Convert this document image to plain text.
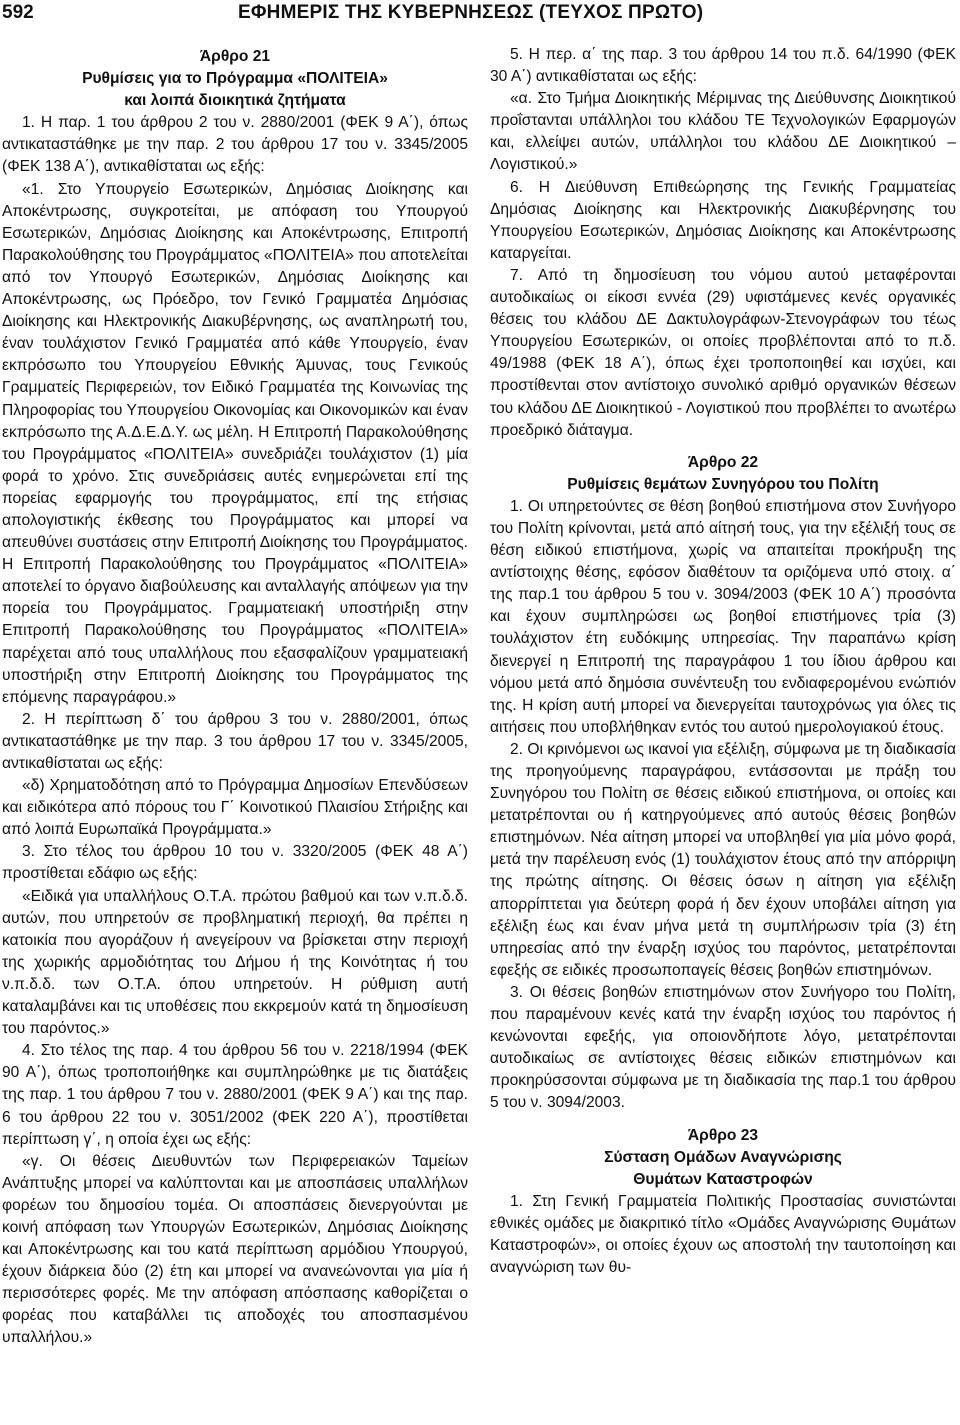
592	ΕΦΗΜΕΡΙΣ ΤΗΣ ΚΥΒΕΡΝΗΣΕΩΣ (ΤΕΥΧΟΣ ΠΡΩΤΟ)
Άρθρο 21
Ρυθμίσεις για το Πρόγραμμα «ΠΟΛΙΤΕΙΑ»
και λοιπά διοικητικά ζητήματα

1. Η παρ. 1 του άρθρου 2 του ν. 2880/2001 (ΦΕΚ 9 Α΄), όπως αντικαταστάθηκε με την παρ. 2 του άρθρου 17 του ν. 3345/2005 (ΦΕΚ 138 Α΄), αντικαθίσταται ως εξής:

«1. Στο Υπουργείο Εσωτερικών, Δημόσιας Διοίκησης και Αποκέντρωσης, συγκροτείται, με απόφαση του Υπουργού Εσωτερικών, Δημόσιας Διοίκησης και Αποκέντρωσης, Επιτροπή Παρακολούθησης του Προγράμματος «ΠΟΛΙΤΕΙΑ» που αποτελείται από τον Υπουργό Εσωτερικών, Δημόσιας Διοίκησης και Αποκέντρωσης, ως Πρόεδρο, τον Γενικό Γραμματέα Δημόσιας Διοίκησης και Ηλεκτρονικής Διακυβέρνησης, ως αναπληρωτή του, έναν τουλάχιστον Γενικό Γραμματέα από κάθε Υπουργείο, έναν εκπρόσωπο του Υπουργείου Εθνικής Άμυνας, τους Γενικούς Γραμματείς Περιφερειών, τον Ειδικό Γραμματέα της Κοινωνίας της Πληροφορίας του Υπουργείου Οικονομίας και Οικονομικών και έναν εκπρόσωπο της Α.Δ.Ε.Δ.Υ. ως μέλη. Η Επιτροπή Παρακολούθησης του Προγράμματος «ΠΟΛΙΤΕΙΑ» συνεδριάζει τουλάχιστον (1) μία φορά το χρόνο. Στις συνεδριάσεις αυτές ενημερώνεται επί της πορείας εφαρμογής του προγράμματος, επί της ετήσιας απολογιστικής έκθεσης του Προγράμματος και μπορεί να απευθύνει συστάσεις στην Επιτροπή Διοίκησης του Προγράμματος. Η Επιτροπή Παρακολούθησης του Προγράμματος «ΠΟΛΙΤΕΙΑ» αποτελεί το όργανο διαβούλευσης και ανταλλαγής απόψεων για την πορεία του Προγράμματος. Γραμματειακή υποστήριξη στην Επιτροπή Παρακολούθησης του Προγράμματος «ΠΟΛΙΤΕΙΑ» παρέχεται από τους υπαλλήλους που εξασφαλίζουν γραμματειακή υποστήριξη στην Επιτροπή Διοίκησης του Προγράμματος της επόμενης παραγράφου.»

2. Η περίπτωση δ΄ του άρθρου 3 του ν. 2880/2001, όπως αντικαταστάθηκε με την παρ. 3 του άρθρου 17 του ν. 3345/2005, αντικαθίσταται ως εξής:

«δ) Χρηματοδότηση από το Πρόγραμμα Δημοσίων Επενδύσεων και ειδικότερα από πόρους του Γ΄ Κοινοτικού Πλαισίου Στήριξης και από λοιπά Ευρωπαϊκά Προγράμματα.»

3. Στο τέλος του άρθρου 10 του ν. 3320/2005 (ΦΕΚ 48 Α΄) προστίθεται εδάφιο ως εξής:

«Ειδικά για υπαλλήλους Ο.Τ.Α. πρώτου βαθμού και των ν.π.δ.δ. αυτών, που υπηρετούν σε προβληματική περιοχή, θα πρέπει η κατοικία που αγοράζουν ή ανεγείρουν να βρίσκεται στην περιοχή της χωρικής αρμοδιότητας του Δήμου ή της Κοινότητας ή του ν.π.δ.δ. των Ο.Τ.Α. όπου υπηρετούν. Η ρύθμιση αυτή καταλαμβάνει και τις υποθέσεις που εκκρεμούν κατά τη δημοσίευση του παρόντος.»

4. Στο τέλος της παρ. 4 του άρθρου 56 του ν. 2218/1994 (ΦΕΚ 90 Α΄), όπως τροποποιήθηκε και συμπληρώθηκε με τις διατάξεις της παρ. 1 του άρθρου 7 του ν. 2880/2001 (ΦΕΚ 9 Α΄) και της παρ. 6 του άρθρου 22 του ν. 3051/2002 (ΦΕΚ 220 Α΄), προστίθεται περίπτωση γ΄, η οποία έχει ως εξής:

«γ. Οι θέσεις Διευθυντών των Περιφερειακών Ταμείων Ανάπτυξης μπορεί να καλύπτονται και με αποσπάσεις υπαλλήλων φορέων του δημοσίου τομέα. Οι αποσπάσεις διενεργούνται με κοινή απόφαση των Υπουργών Εσωτερικών, Δημόσιας Διοίκησης και Αποκέντρωσης και του κατά περίπτωση αρμόδιου Υπουργού, έχουν διάρκεια δύο (2) έτη και μπορεί να ανανεώνονται για μία ή περισσότερες φορές. Με την απόφαση απόσπασης καθορίζεται ο φορέας που καταβάλλει τις αποδοχές του αποσπασμένου υπαλλήλου.»

5. Η περ. α΄ της παρ. 3 του άρθρου 14 του π.δ. 64/1990 (ΦΕΚ 30 Α΄) αντικαθίσταται ως εξής:

«α. Στο Τμήμα Διοικητικής Μέριμνας της Διεύθυνσης Διοικητικού προΐστανται υπάλληλοι του κλάδου ΤΕ Τεχνολογικών Εφαρμογών και, ελλείψει αυτών, υπάλληλοι του κλάδου ΔΕ Διοικητικού – Λογιστικού.»

6. Η Διεύθυνση Επιθεώρησης της Γενικής Γραμματείας Δημόσιας Διοίκησης και Ηλεκτρονικής Διακυβέρνησης του Υπουργείου Εσωτερικών, Δημόσιας Διοίκησης και Αποκέντρωσης καταργείται.

7. Από τη δημοσίευση του νόμου αυτού μεταφέρονται αυτοδικαίως οι είκοσι εννέα (29) υφιστάμενες κενές οργανικές θέσεις του κλάδου ΔΕ Δακτυλογράφων-Στενογράφων του τέως Υπουργείου Εσωτερικών, οι οποίες προβλέπονται από το π.δ. 49/1988 (ΦΕΚ 18 Α΄), όπως έχει τροποποιηθεί και ισχύει, και προστίθενται στον αντίστοιχο συνολικό αριθμό οργανικών θέσεων του κλάδου ΔΕ Διοικητικού - Λογιστικού που προβλέπει το ανωτέρω προεδρικό διάταγμα.

Άρθρο 22
Ρυθμίσεις θεμάτων Συνηγόρου του Πολίτη

1. Οι υπηρετούντες σε θέση βοηθού επιστήμονα στον Συνήγορο του Πολίτη κρίνονται, μετά από αίτησή τους, για την εξέλιξή τους σε θέση ειδικού επιστήμονα, χωρίς να απαιτείται προκήρυξη της αντίστοιχης θέσης, εφόσον διαθέτουν τα οριζόμενα υπό στοιχ. α΄ της παρ.1 του άρθρου 5 του ν. 3094/2003 (ΦΕΚ 10 Α΄) προσόντα και έχουν συμπληρώσει ως βοηθοί επιστήμονες τρία (3) τουλάχιστον έτη ευδόκιμης υπηρεσίας. Την παραπάνω κρίση διενεργεί η Επιτροπή της παραγράφου 1 του ίδιου άρθρου και νόμου μετά από δημόσια συνέντευξη του ενδιαφερομένου ενώπιόν της. Η κρίση αυτή μπορεί να διενεργείται ταυτοχρόνως για όλες τις αιτήσεις που υποβλήθηκαν εντός του αυτού ημερολογιακού έτους.

2. Οι κρινόμενοι ως ικανοί για εξέλιξη, σύμφωνα με τη διαδικασία της προηγούμενης παραγράφου, εντάσσονται με πράξη του Συνηγόρου του Πολίτη σε θέσεις ειδικού επιστήμονα, οι οποίες και μετατρέπονται ου ή κατηργούμενες από αυτούς θέσεις βοηθών επιστημόνων. Νέα αίτηση μπορεί να υποβληθεί για μία μόνο φορά, μετά την παρέλευση ενός (1) τουλάχιστον έτους από την απόρριψη της πρώτης αίτησης. Οι θέσεις όσων η αίτηση για εξέλιξη απορρίπτεται για δεύτερη φορά ή δεν έχουν υποβάλει αίτηση για εξέλιξη έως και έναν μήνα μετά τη συμπλήρωσιν τρία (3) έτη υπηρεσίας από την έναρξη ισχύος του παρόντος, μετατρέπονται εφεξής σε ειδικές προσωποπαγείς θέσεις βοηθών επιστημόνων.

3. Οι θέσεις βοηθών επιστημόνων στον Συνήγορο του Πολίτη, που παραμένουν κενές κατά την έναρξη ισχύος του παρόντος ή κενώνονται εφεξής, για οποιονδήποτε λόγο, μετατρέπονται αυτοδικαίως σε αντίστοιχες θέσεις ειδικών επιστημόνων και προκηρύσσονται σύμφωνα με τη διαδικασία της παρ.1 του άρθρου 5 του ν. 3094/2003.

Άρθρο 23
Σύσταση Ομάδων Αναγνώρισης
Θυμάτων Καταστροφών

1. Στη Γενική Γραμματεία Πολιτικής Προστασίας συνιστώνται εθνικές ομάδες με διακριτικό τίτλο «Ομάδες Αναγνώρισης Θυμάτων Καταστροφών», οι οποίες έχουν ως αποστολή την ταυτοποίηση και αναγνώριση των θυ-
